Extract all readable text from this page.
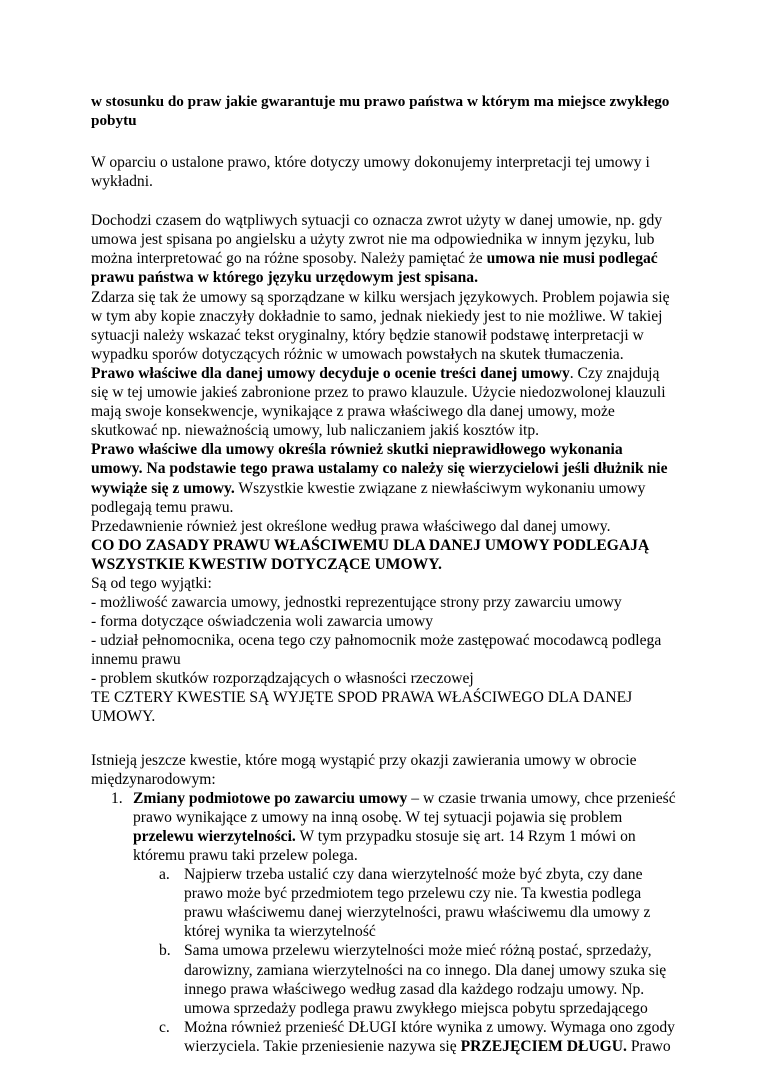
w stosunku do praw jakie gwarantuje mu prawo państwa w którym ma miejsce zwykłego pobytu

W oparciu o ustalone prawo, które dotyczy umowy dokonujemy interpretacji tej umowy i wykładni.

Dochodzi czasem do wątpliwych sytuacji co oznacza zwrot użyty w danej umowie, np. gdy umowa jest spisana po angielsku a użyty zwrot nie ma odpowiednika w innym języku, lub można interpretować go na różne sposoby. Należy pamiętać że umowa nie musi podlegać prawu państwa w którego języku urzędowym jest spisana.

Zdarza się tak że umowy są sporządzane w kilku wersjach językowych. Problem pojawia się w tym aby kopie znaczyły dokładnie to samo, jednak niekiedy jest to nie możliwe. W takiej sytuacji należy wskazać tekst oryginalny, który będzie stanowił podstawę interpretacji w wypadku sporów dotyczących różnic w umowach powstałych na skutek tłumaczenia.

Prawo właściwe dla danej umowy decyduje o ocenie treści danej umowy. Czy znajdują się w tej umowie jakieś zabronione przez to prawo klauzule. Użycie niedozwolonej klauzuli mają swoje konsekwencje, wynikające z prawa właściwego dla danej umowy, może skutkować np. nieważnością umowy, lub naliczaniem jakiś kosztów itp.

Prawo właściwe dla umowy określa również skutki nieprawidłowego wykonania umowy. Na podstawie tego prawa ustalamy co należy się wierzycielowi jeśli dłużnik nie wywiąże się z umowy. Wszystkie kwestie związane z niewłaściwym wykonaniu umowy podlegają temu prawu.

Przedawnienie również jest określone według prawa właściwego dal danej umowy.

CO DO ZASADY PRAWU WŁAŚCIWEMU DLA DANEJ UMOWY PODLEGAJĄ WSZYSTKIE KWESTIW DOTYCZĄCE UMOWY.

Są od tego wyjątki:

- możliwość zawarcia umowy, jednostki reprezentujące strony przy zawarciu umowy

- forma dotyczące oświadczenia woli zawarcia umowy

- udział pełnomocnika, ocena tego czy pałnomocnik może zastępować mocodawcą podlega innemu prawu

- problem skutków rozporządzających o własności rzeczowej

TE CZTERY KWESTIE SĄ WYJĘTE SPOD PRAWA WŁAŚCIWEGO DLA DANEJ UMOWY.

Istnieją jeszcze kwestie, które mogą wystąpić przy okazji zawierania umowy w obrocie międzynarodowym:

1. Zmiany podmiotowe po zawarciu umowy – w czasie trwania umowy, chce przenieść prawo wynikające z umowy na inną osobę. W tej sytuacji pojawia się problem przelewu wierzytelności. W tym przypadku stosuje się art. 14 Rzym 1 mówi on któremu prawu taki przelew polega.

a. Najpierw trzeba ustalić czy dana wierzytelność może być zbyta, czy dane prawo może być przedmiotem tego przelewu czy nie. Ta kwestia podlega prawu właściwemu danej wierzytelności, prawu właściwemu dla umowy z której wynika ta wierzytelność

b. Sama umowa przelewu wierzytelności może mieć różną postać, sprzedaży, darowizny, zamiana wierzytelności na co innego. Dla danej umowy szuka się innego prawa właściwego według zasad dla każdego rodzaju umowy. Np. umowa sprzedaży podlega prawu zwykłego miejsca pobytu sprzedającego

c. Można również przenieść DŁUGI które wynika z umowy. Wymaga ono zgody wierzyciela. Takie przeniesienie nazywa się PRZEJĘCIEM DŁUGU. Prawo
